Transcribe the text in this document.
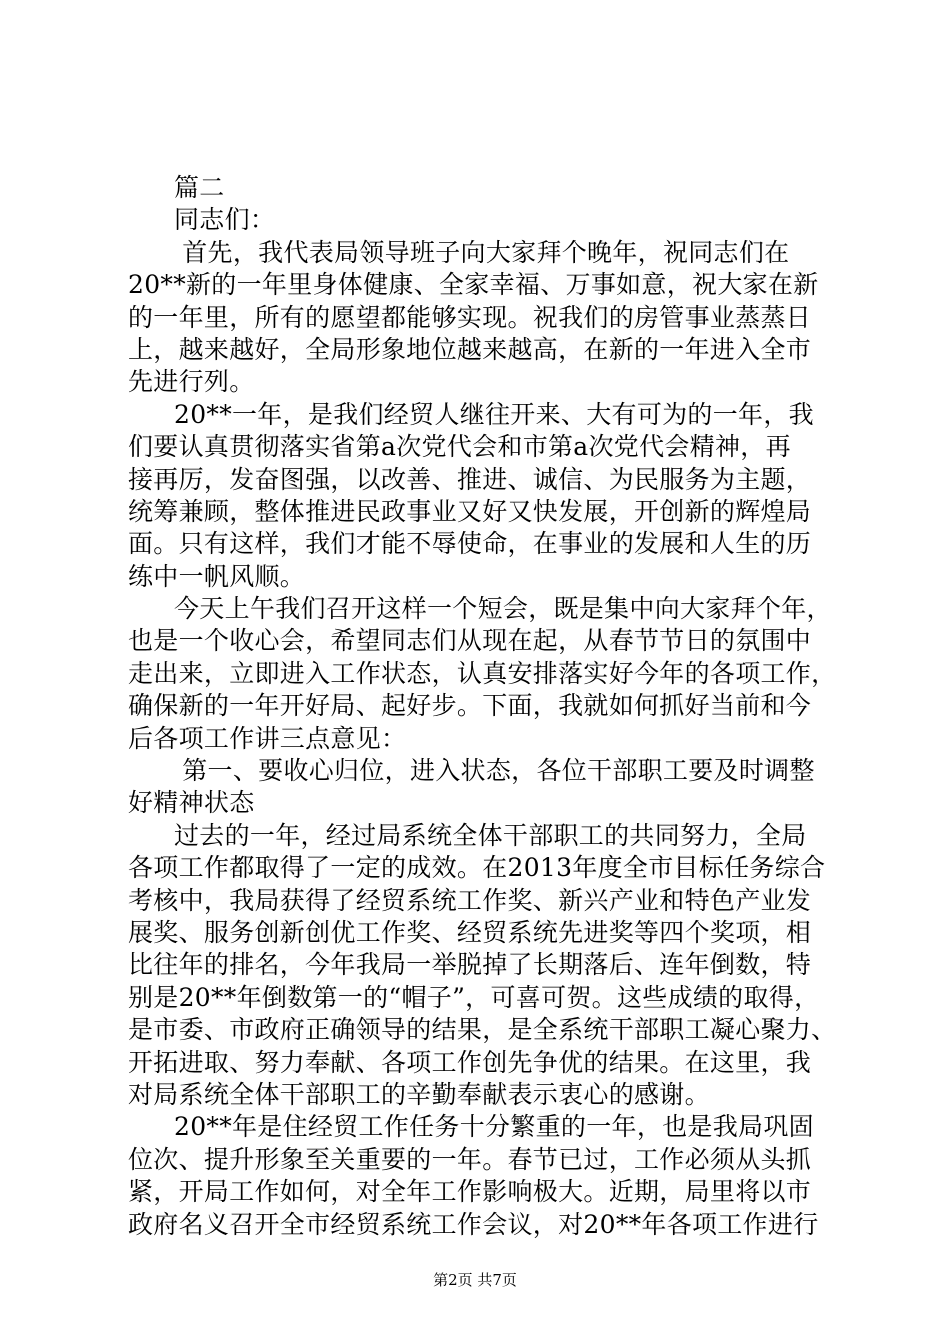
篇二
同志们：
首先，我代表局领导班子向大家拜个晚年，祝同志们在
20**新的一年里身体健康、全家幸福、万事如意，祝大家在新
的一年里，所有的愿望都能够实现。祝我们的房管事业蒸蒸日
上，越来越好，全局形象地位越来越高，在新的一年进入全市
先进行列。
20**一年，是我们经贸人继往开来、大有可为的一年，我
们要认真贯彻落实省第a次党代会和市第a次党代会精神，再
接再厉，发奋图强，以改善、推进、诚信、为民服务为主题，
统筹兼顾，整体推进民政事业又好又快发展，开创新的辉煌局
面。只有这样，我们才能不辱使命，在事业的发展和人生的历
练中一帆风顺。
今天上午我们召开这样一个短会，既是集中向大家拜个年，
也是一个收心会，希望同志们从现在起，从春节节日的氛围中
走出来，立即进入工作状态，认真安排落实好今年的各项工作，
确保新的一年开好局、起好步。下面，我就如何抓好当前和今
后各项工作讲三点意见：
第一、要收心归位，进入状态，各位干部职工要及时调整
好精神状态
过去的一年，经过局系统全体干部职工的共同努力，全局
各项工作都取得了一定的成效。在2013年度全市目标任务综合
考核中，我局获得了经贸系统工作奖、新兴产业和特色产业发
展奖、服务创新创优工作奖、经贸系统先进奖等四个奖项，相
比往年的排名，今年我局一举脱掉了长期落后、连年倒数，特
别是20**年倒数第一的“帽子”，可喜可贺。这些成绩的取得，
是市委、市政府正确领导的结果，是全系统干部职工凝心聚力、
开拓进取、努力奉献、各项工作创先争优的结果。在这里，我
对局系统全体干部职工的辛勤奉献表示衷心的感谢。
20**年是住经贸工作任务十分繁重的一年，也是我局巩固
位次、提升形象至关重要的一年。春节已过，工作必须从头抓
紧，开局工作如何，对全年工作影响极大。近期，局里将以市
政府名义召开全市经贸系统工作会议，对20**年各项工作进行
第2页 共7页
